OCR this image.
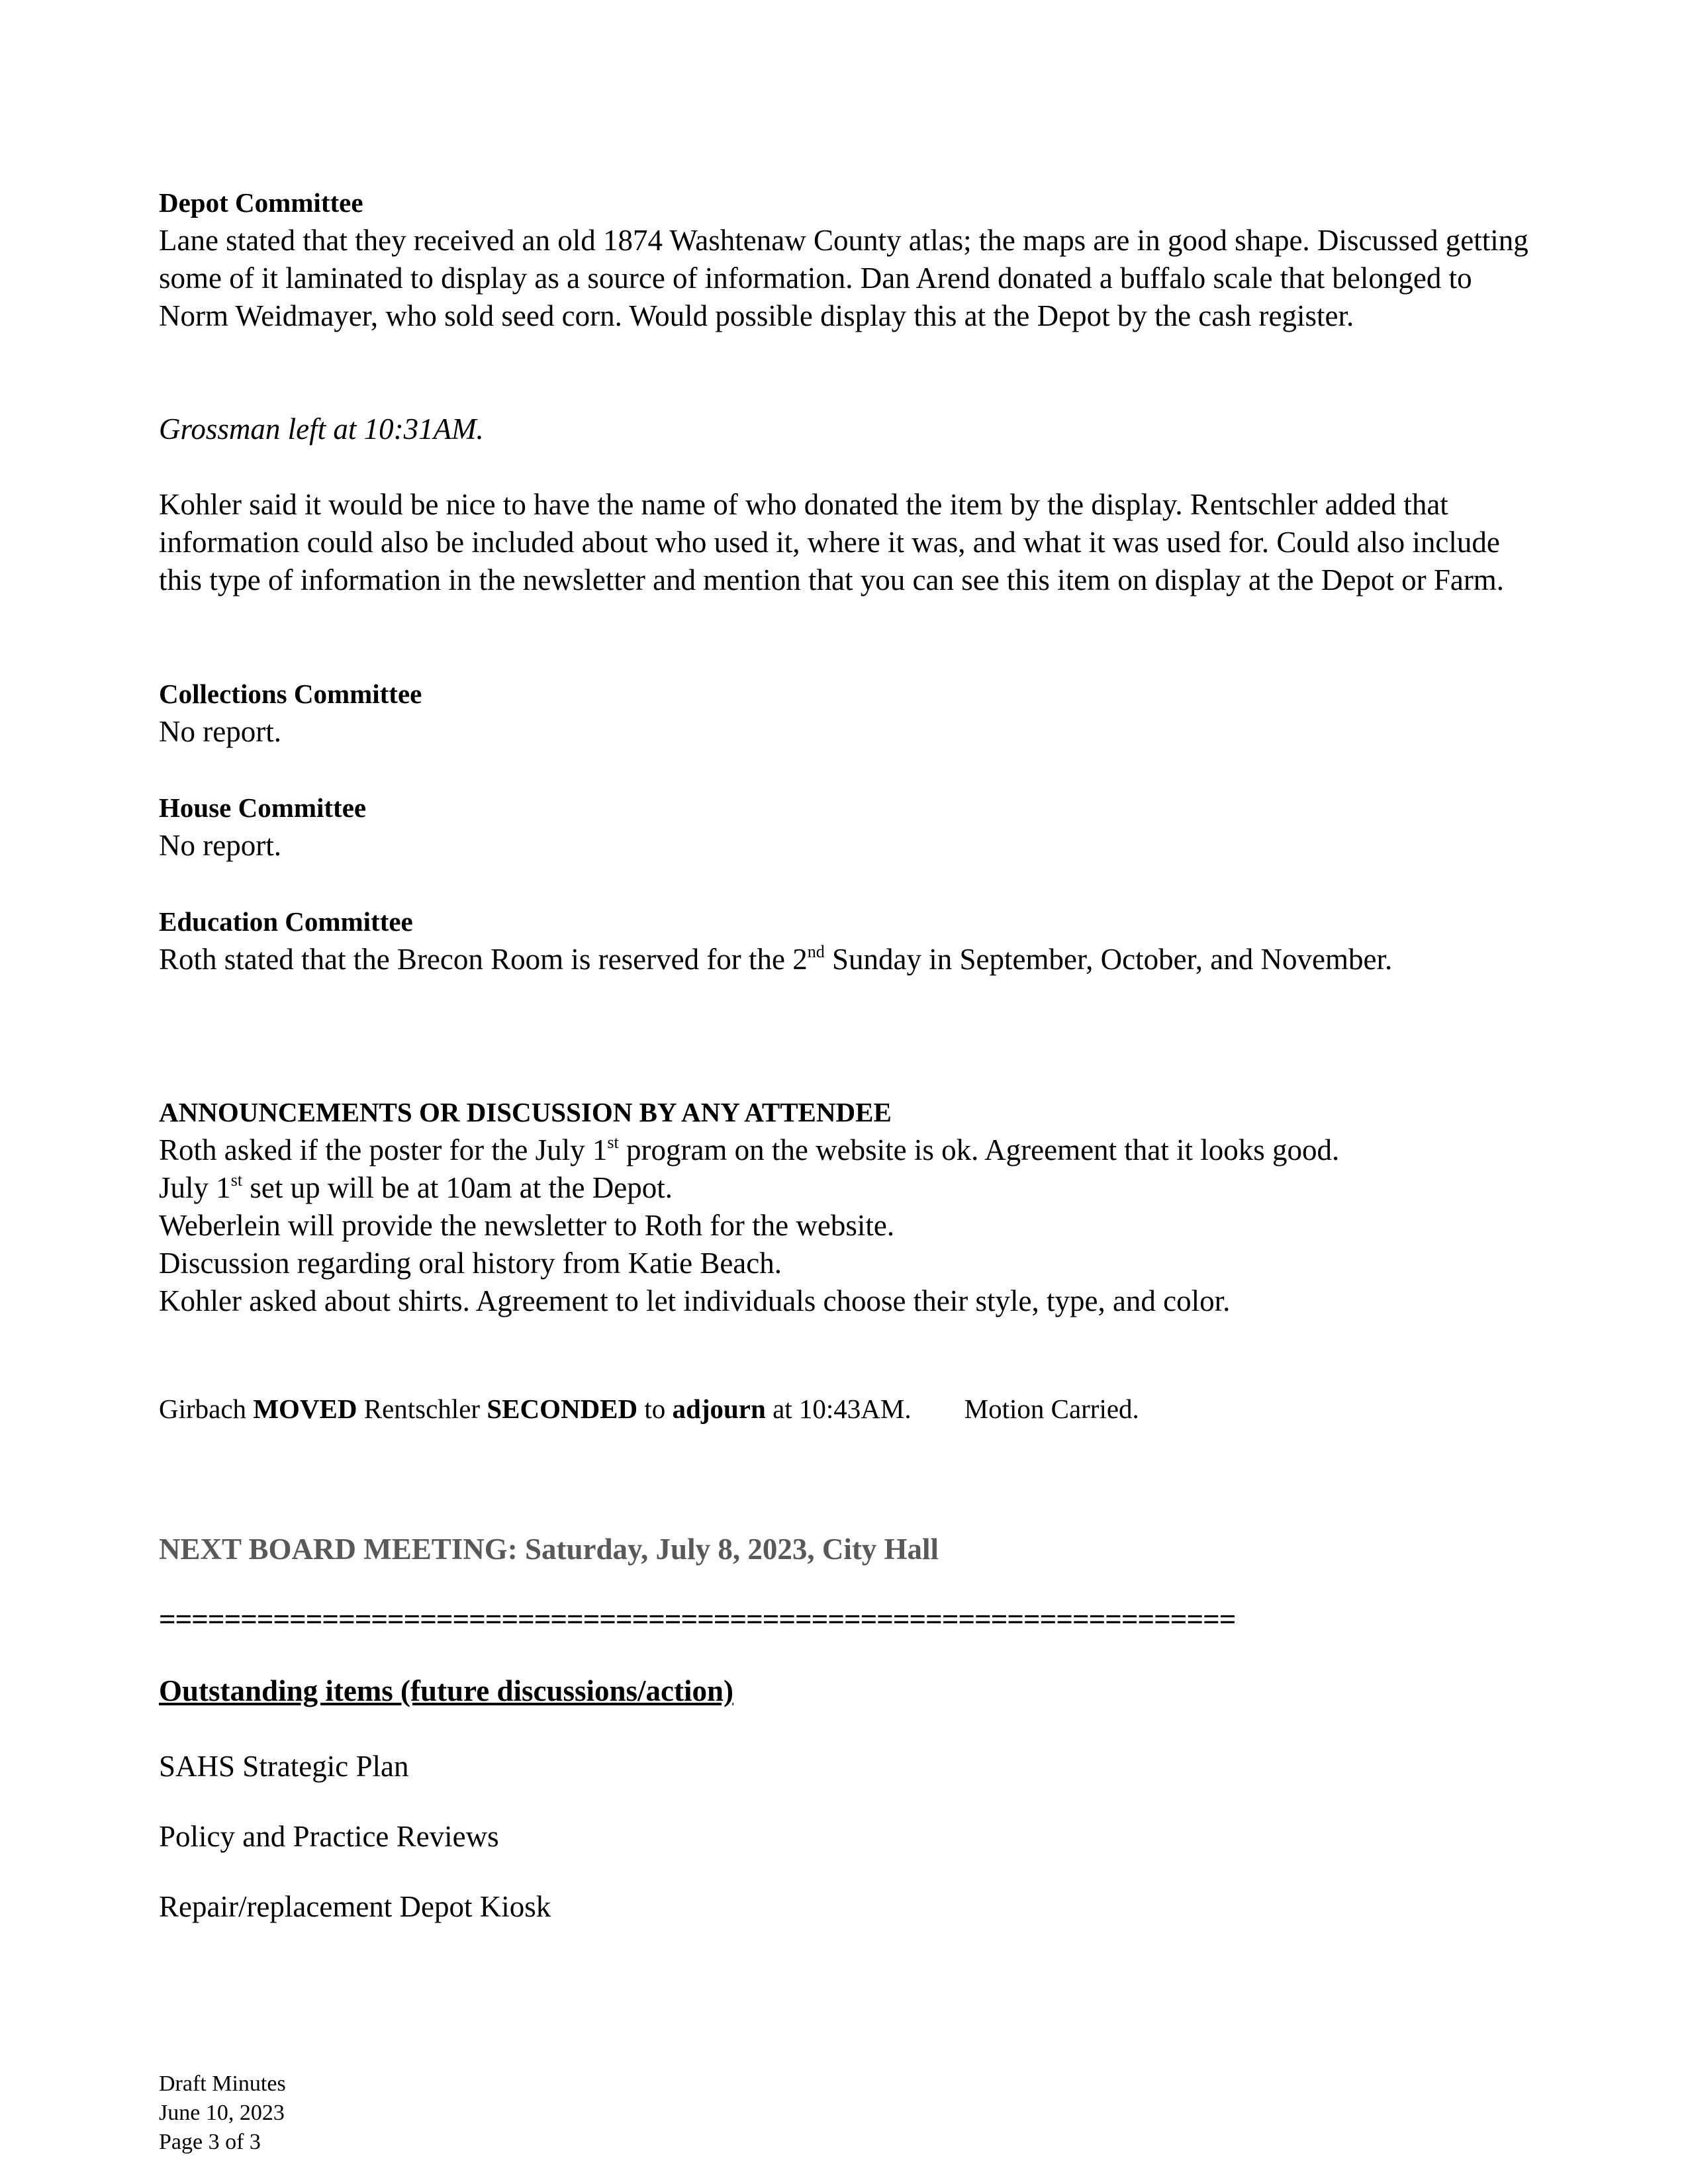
Depot Committee

Lane stated that they received an old 1874 Washtenaw County atlas; the maps are in good shape. Discussed getting some of it laminated to display as a source of information. Dan Arend donated a buffalo scale that belonged to Norm Weidmayer, who sold seed corn. Would possible display this at the Depot by the cash register.

Grossman left at 10:31AM.

Kohler said it would be nice to have the name of who donated the item by the display. Rentschler added that information could also be included about who used it, where it was, and what it was used for. Could also include this type of information in the newsletter and mention that you can see this item on display at the Depot or Farm.

Collections Committee

No report.

House Committee

No report.

Education Committee

Roth stated that the Brecon Room is reserved for the 2nd Sunday in September, October, and November.

ANNOUNCEMENTS OR DISCUSSION BY ANY ATTENDEE

Roth asked if the poster for the July 1st program on the website is ok. Agreement that it looks good.

July 1st set up will be at 10am at the Depot.

Weberlein will provide the newsletter to Roth for the website.

Discussion regarding oral history from Katie Beach.

Kohler asked about shirts. Agreement to let individuals choose their style, type, and color.

Girbach MOVED Rentschler SECONDED to adjourn at 10:43AM. Motion Carried.

NEXT BOARD MEETING: Saturday, July 8, 2023, City Hall

==================================================================

Outstanding items (future discussions/action)

SAHS Strategic Plan

Policy and Practice Reviews

Repair/replacement Depot Kiosk

Draft Minutes

June 10, 2023

Page 3 of 3
